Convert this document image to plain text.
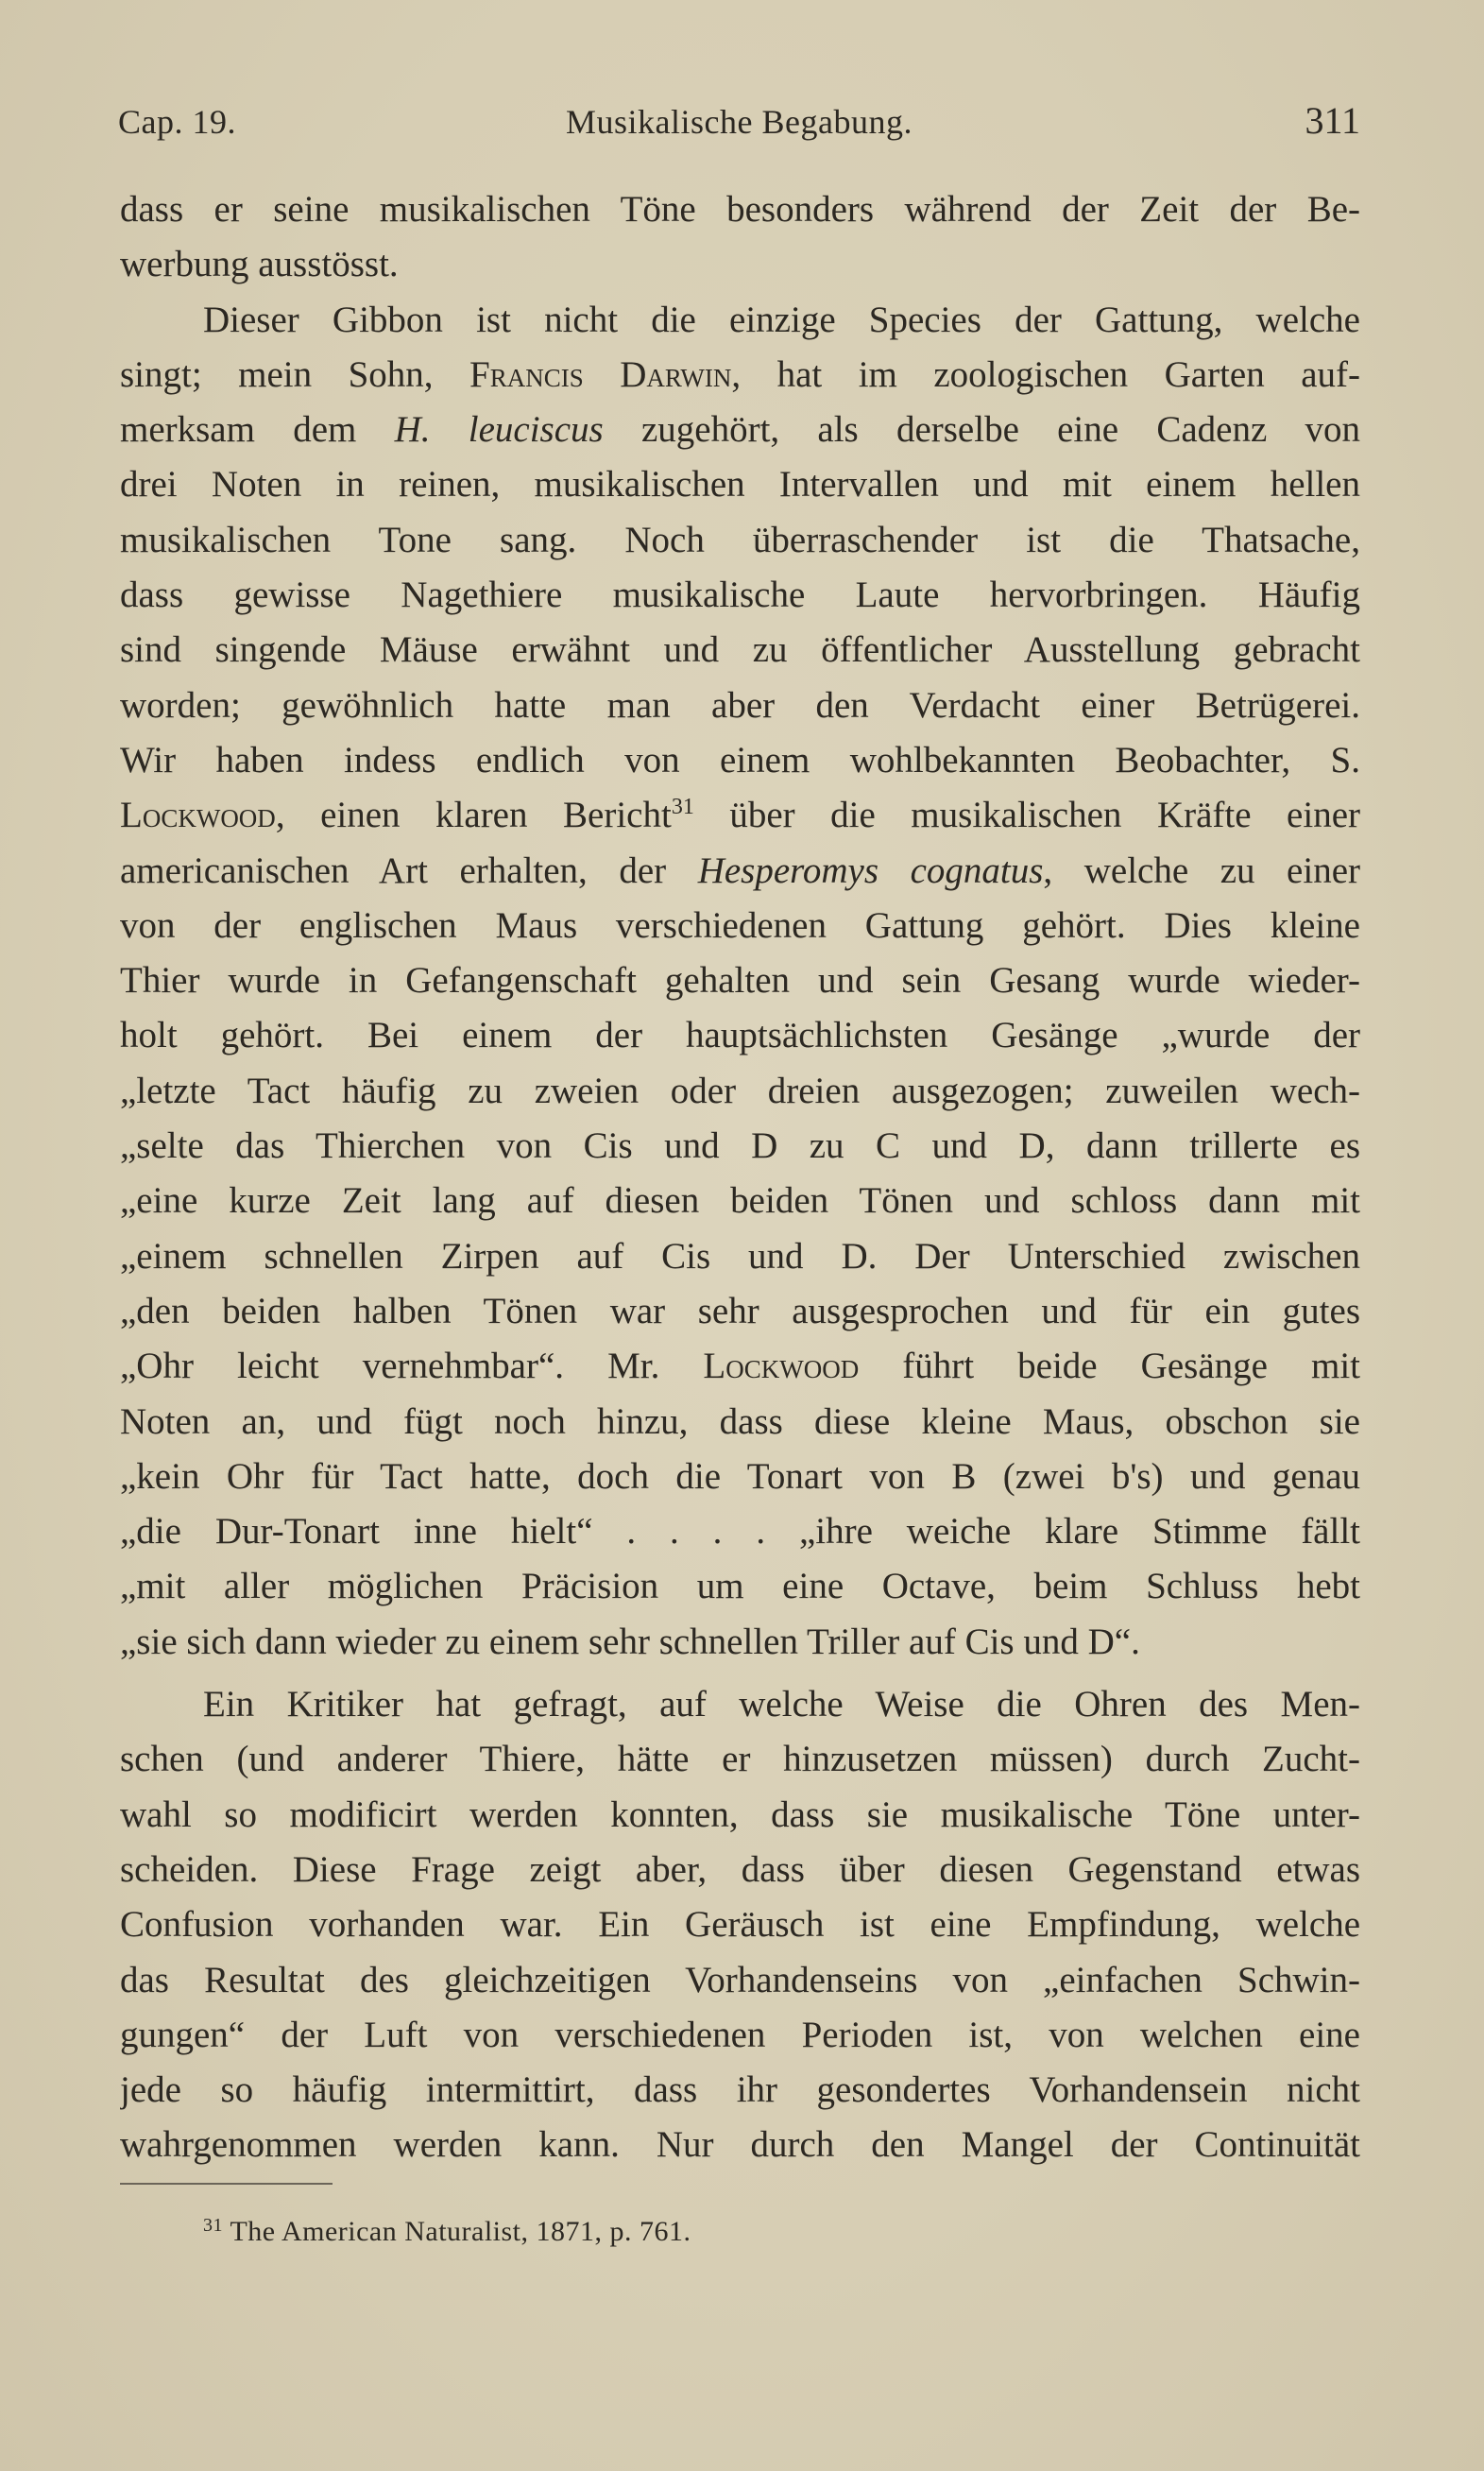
Cap. 19.	Musikalische Begabung.	311
dass er seine musikalischen Töne besonders während der Zeit der Be-
werbung ausstösst.
Dieser Gibbon ist nicht die einzige Species der Gattung, welche
singt; mein Sohn, Francis Darwin, hat im zoologischen Garten auf-
merksam dem H. leuciscus zugehört, als derselbe eine Cadenz von
drei Noten in reinen, musikalischen Intervallen und mit einem hellen
musikalischen Tone sang. Noch überraschender ist die Thatsache,
dass gewisse Nagethiere musikalische Laute hervorbringen. Häufig
sind singende Mäuse erwähnt und zu öffentlicher Ausstellung gebracht
worden; gewöhnlich hatte man aber den Verdacht einer Betrügerei.
Wir haben indess endlich von einem wohlbekannten Beobachter, S.
Lockwood, einen klaren Bericht$^{31}$ über die musikalischen Kräfte einer
americanischen Art erhalten, der Hesperomys cognatus, welche zu einer
von der englischen Maus verschiedenen Gattung gehört. Dies kleine
Thier wurde in Gefangenschaft gehalten und sein Gesang wurde wieder-
holt gehört. Bei einem der hauptsächlichsten Gesänge „wurde der
„letzte Tact häufig zu zweien oder dreien ausgezogen; zuweilen wech-
„selte das Thierchen von Cis und D zu C und D, dann trillerte es
„eine kurze Zeit lang auf diesen beiden Tönen und schloss dann mit
„einem schnellen Zirpen auf Cis und D. Der Unterschied zwischen
„den beiden halben Tönen war sehr ausgesprochen und für ein gutes
„Ohr leicht vernehmbar“. Mr. Lockwood führt beide Gesänge mit
Noten an, und fügt noch hinzu, dass diese kleine Maus, obschon sie
„kein Ohr für Tact hatte, doch die Tonart von B (zwei b's) und genau
„die Dur-Tonart inne hielt“ . . . . „ihre weiche klare Stimme fällt
„mit aller möglichen Präcision um eine Octave, beim Schluss hebt
„sie sich dann wieder zu einem sehr schnellen Triller auf Cis und D“.
Ein Kritiker hat gefragt, auf welche Weise die Ohren des Men-
schen (und anderer Thiere, hätte er hinzusetzen müssen) durch Zucht-
wahl so modificirt werden konnten, dass sie musikalische Töne unter-
scheiden. Diese Frage zeigt aber, dass über diesen Gegenstand etwas
Confusion vorhanden war. Ein Geräusch ist eine Empfindung, welche
das Resultat des gleichzeitigen Vorhandenseins von „einfachen Schwin-
gungen“ der Luft von verschiedenen Perioden ist, von welchen eine
jede so häufig intermittirt, dass ihr gesondertes Vorhandensein nicht
wahrgenommen werden kann. Nur durch den Mangel der Continuität
$^{31}$ The American Naturalist, 1871, p. 761.
